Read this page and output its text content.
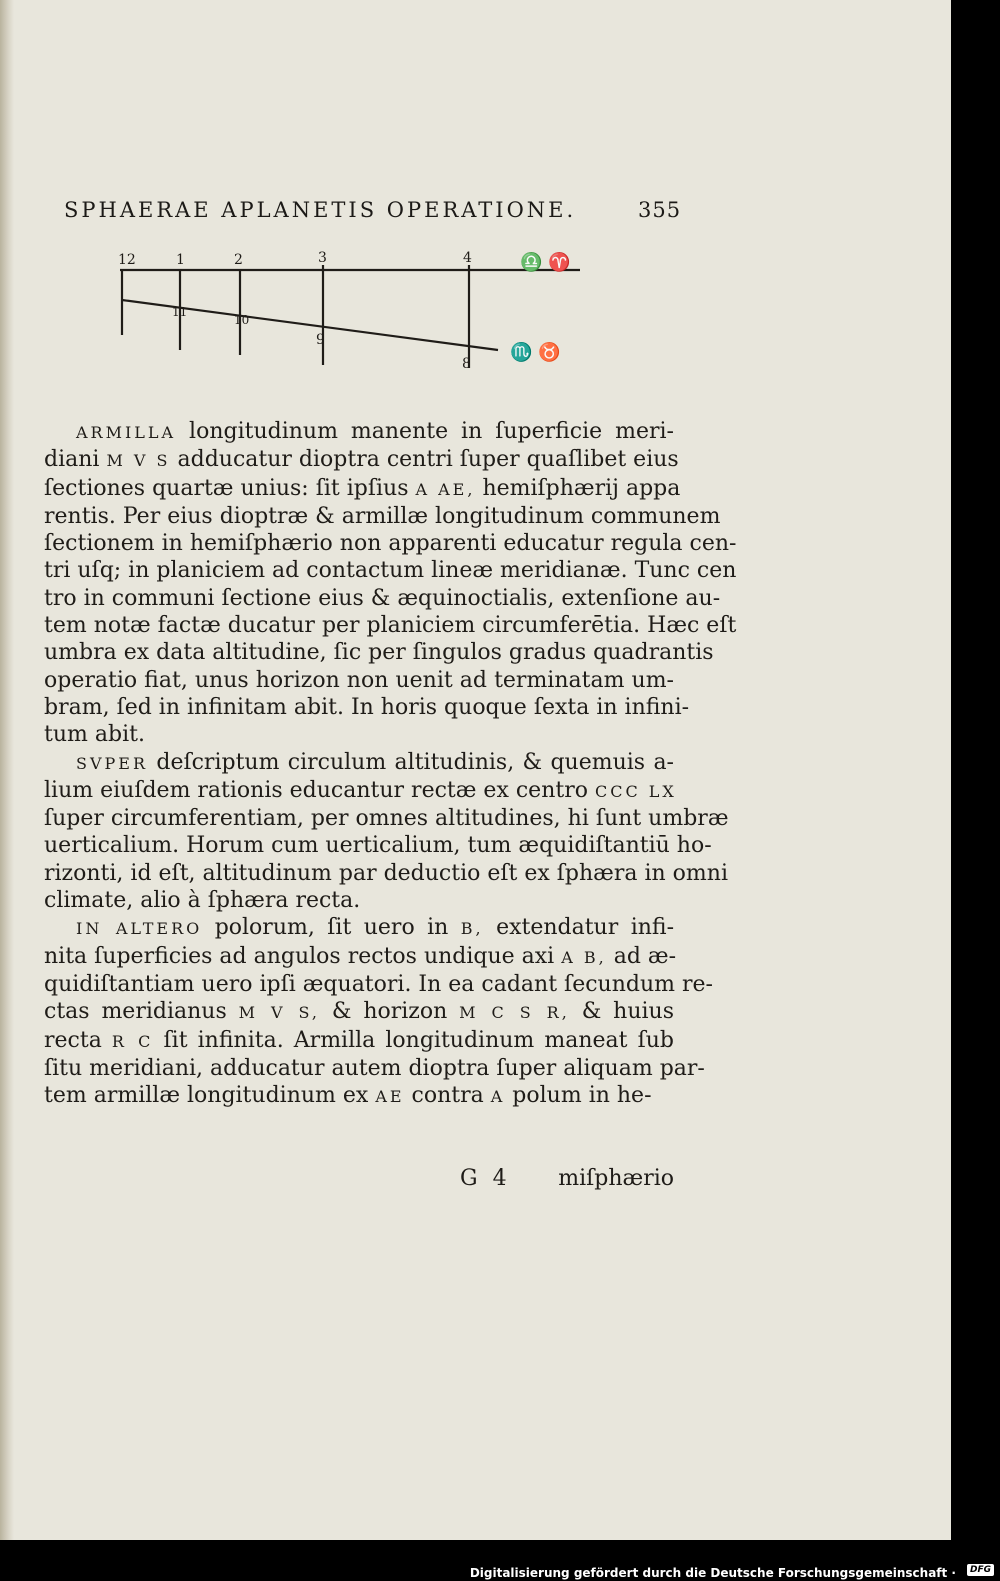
SPHAERAE APLANETIS OPERATIONE.	355
12	1	2	3	4	♎ ♈
11
10
9
8
♏ ♉
ARMILLA longitudinum manente in ſuperficie meri-
diani M V S adducatur dioptra centri ſuper quaſlibet eius
ſectiones quartæ unius: ſit ipſius A AE, hemiſphærij appa
rentis. Per eius dioptræ & armillæ longitudinum communem
ſectionem in hemiſphærio non apparenti educatur regula cen-
tri uſq; in planiciem ad contactum lineæ meridianæ. Tunc cen
tro in communi ſectione eius & æquinoctialis, extenſione au-
tem notæ factæ ducatur per planiciem circumferētia. Hæc eſt
umbra ex data altitudine, ſic per ſingulos gradus quadrantis
operatio fiat, unus horizon non uenit ad terminatam um-
bram, ſed in infinitam abit. In horis quoque ſexta in infini-
tum abit.
SVPER deſcriptum circulum altitudinis, & quemuis a-
lium eiuſdem rationis educantur rectæ ex centro CCC LX
ſuper circumferentiam, per omnes altitudines, hi ſunt umbræ
uerticalium. Horum cum uerticalium, tum æquidiſtantiū ho-
rizonti, id eſt, altitudinum par deductio eſt ex ſphæra in omni
climate, alio à ſphæra recta.
IN ALTERO polorum, ſit uero in B, extendatur infi-
nita ſuperficies ad angulos rectos undique axi A B, ad æ-
quidiſtantiam uero ipſi æquatori. In ea cadant ſecundum re-
ctas meridianus M V S, & horizon M C S R, & huius
recta R C ſit infinita. Armilla longitudinum maneat ſub
ſitu meridiani, adducatur autem dioptra ſuper aliquam par-
tem armillæ longitudinum ex AE contra A polum in he-
G 4 miſphærio
Digitalisierung gefördert durch die Deutsche Forschungsgemeinschaft ·	DFG
